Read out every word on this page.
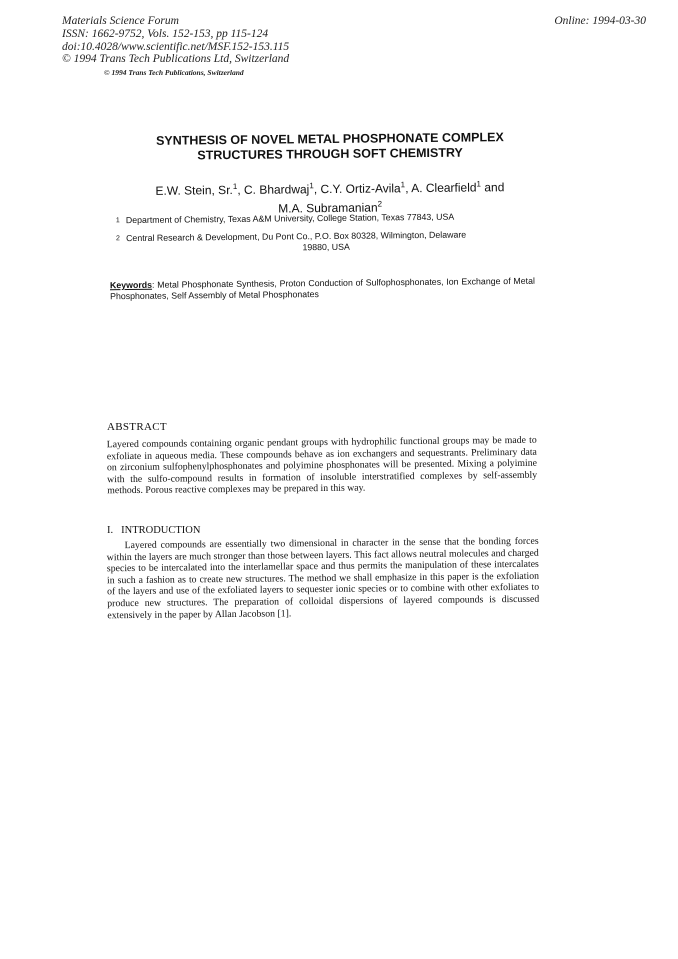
Materials Science Forum
ISSN: 1662-9752, Vols. 152-153, pp 115-124
doi:10.4028/www.scientific.net/MSF.152-153.115
© 1994 Trans Tech Publications Ltd, Switzerland
Online: 1994-03-30
© 1994 Trans Tech Publications, Switzerland
SYNTHESIS OF NOVEL METAL PHOSPHONATE COMPLEX
STRUCTURES THROUGH SOFT CHEMISTRY
E.W. Stein, Sr.$^1$, C. Bhardwaj$^1$, C.Y. Ortiz-Avila$^1$, A. Clearfield$^1$ and
M.A. Subramanian$^2$
1 Department of Chemistry, Texas A&M University, College Station, Texas 77843, USA
2 Central Research & Development, Du Pont Co., P.O. Box 80328, Wilmington, Delaware
19880, USA
Keywords: Metal Phosphonate Synthesis, Proton Conduction of Sulfophosphonates, Ion Exchange of Metal Phosphonates, Self Assembly of Metal Phosphonates
ABSTRACT
Layered compounds containing organic pendant groups with hydrophilic functional groups may be made to exfoliate in aqueous media. These compounds behave as ion exchangers and sequestrants. Preliminary data on zirconium sulfophenylphosphonates and polyimine phosphonates will be presented. Mixing a polyimine with the sulfo-compound results in formation of insoluble interstratified complexes by self-assembly methods. Porous reactive complexes may be prepared in this way.
I. INTRODUCTION
Layered compounds are essentially two dimensional in character in the sense that the bonding forces within the layers are much stronger than those between layers. This fact allows neutral molecules and charged species to be intercalated into the interlamellar space and thus permits the manipulation of these intercalates in such a fashion as to create new structures. The method we shall emphasize in this paper is the exfoliation of the layers and use of the exfoliated layers to sequester ionic species or to combine with other exfoliates to produce new structures. The preparation of colloidal dispersions of layered compounds is discussed extensively in the paper by Allan Jacobson [1].
